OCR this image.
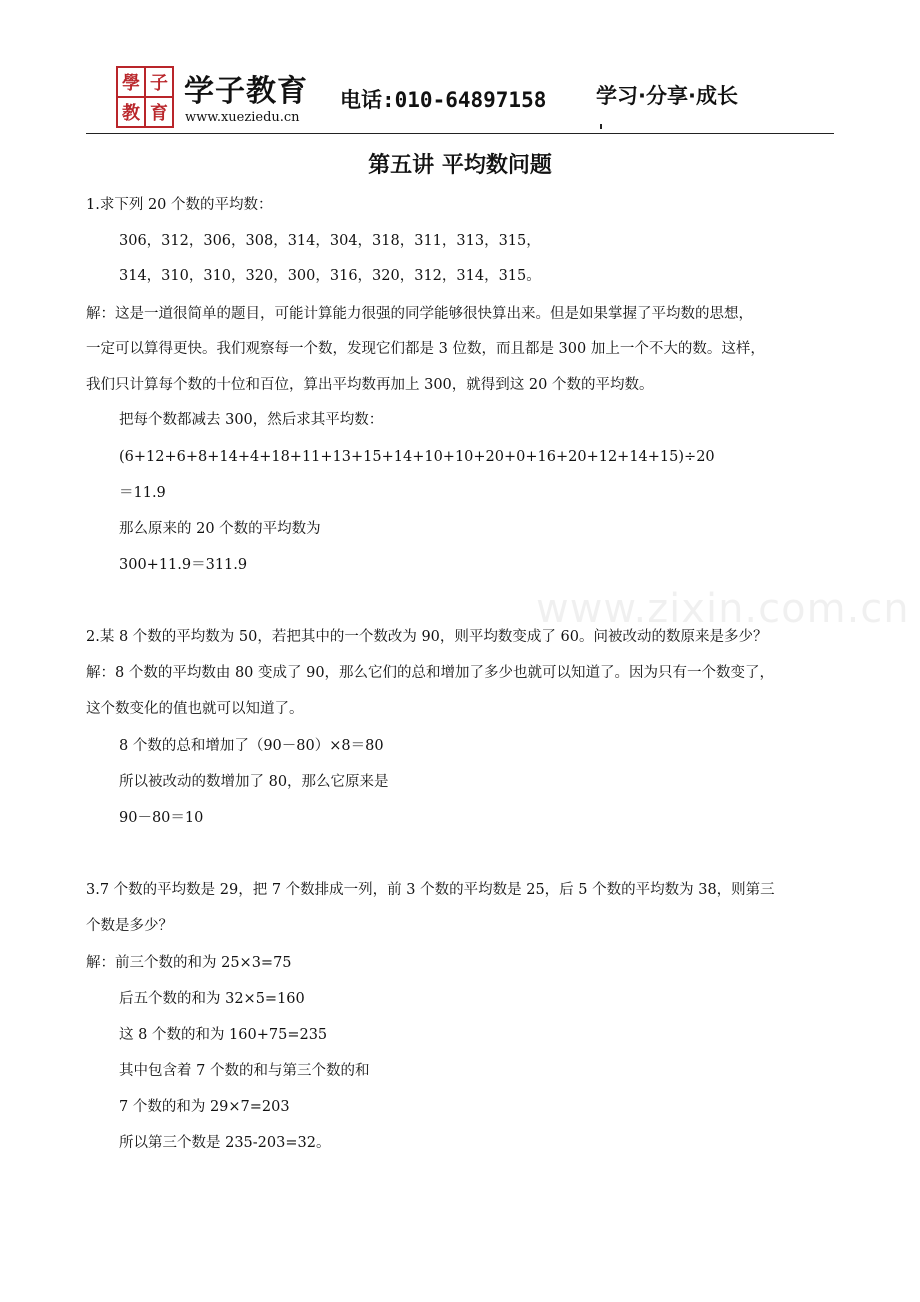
學 子
教 育
学子教育
www.xueziedu.cn
电话:010-64897158 学习·分享·成长
第五讲 平均数问题
www.zixin.com.cn
1.求下列 20 个数的平均数：
306，312，306，308，314，304，318，311，313，315，
314，310，310，320，300，316，320，312，314，315。
解：这是一道很简单的题目，可能计算能力很强的同学能够很快算出来。但是如果掌握了平均数的思想，
一定可以算得更快。我们观察每一个数，发现它们都是 3 位数，而且都是 300 加上一个不大的数。这样，
我们只计算每个数的十位和百位，算出平均数再加上 300，就得到这 20 个数的平均数。
把每个数都减去 300，然后求其平均数：
(6+12+6+8+14+4+18+11+13+15+14+10+10+20+0+16+20+12+14+15)÷20
＝11.9
那么原来的 20 个数的平均数为
300+11.9＝311.9
2.某 8 个数的平均数为 50，若把其中的一个数改为 90，则平均数变成了 60。问被改动的数原来是多少？
解：8 个数的平均数由 80 变成了 90，那么它们的总和增加了多少也就可以知道了。因为只有一个数变了，
这个数变化的值也就可以知道了。
8 个数的总和增加了（90－80）×8＝80
所以被改动的数增加了 80，那么它原来是
90－80＝10
3.7 个数的平均数是 29，把 7 个数排成一列，前 3 个数的平均数是 25，后 5 个数的平均数为 38，则第三
个数是多少？
解：前三个数的和为 25×3=75
后五个数的和为 32×5=160
这 8 个数的和为 160+75=235
其中包含着 7 个数的和与第三个数的和
7 个数的和为 29×7=203
所以第三个数是 235-203=32。
